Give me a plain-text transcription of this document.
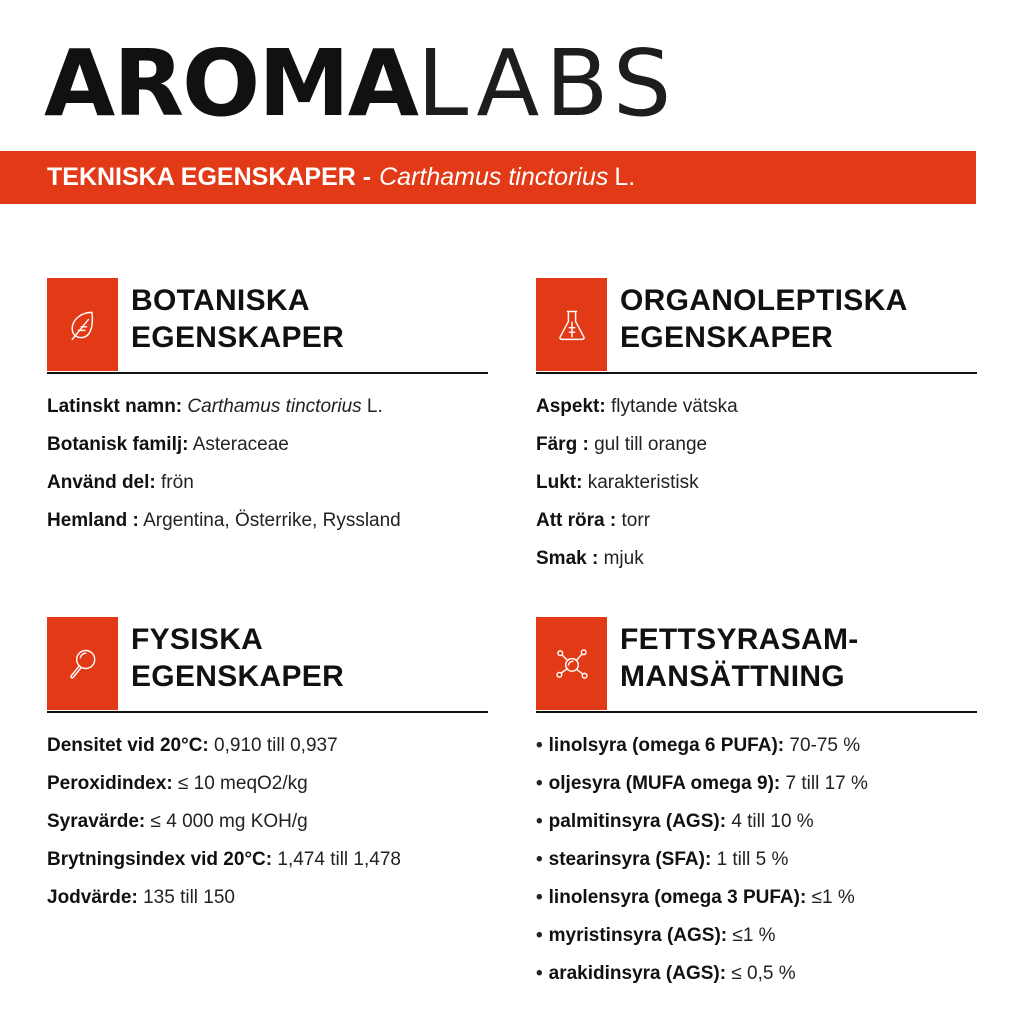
AROMA LABS
TEKNISKA EGENSKAPER - Carthamus tinctorius L.
BOTANISKA
EGENSKAPER
Latinskt namn: Carthamus tinctorius L.
Botanisk familj: Asteraceae
Använd del: frön
Hemland : Argentina, Österrike, Ryssland
ORGANOLEPTISKA
EGENSKAPER
Aspekt: flytande vätska
Färg : gul till orange
Lukt: karakteristisk
Att röra : torr
Smak : mjuk
FYSISKA
EGENSKAPER
Densitet vid 20°C: 0,910 till 0,937
Peroxidindex: ≤ 10 meqO2/kg
Syravärde: ≤ 4 000 mg KOH/g
Brytningsindex vid 20°C: 1,474 till 1,478
Jodvärde: 135 till 150
FETTSYRASAM-
MANSÄTTNING
• linolsyra (omega 6 PUFA): 70-75 %
• oljesyra (MUFA omega 9): 7 till 17 %
• palmitinsyra (AGS): 4 till 10 %
• stearinsyra (SFA): 1 till 5 %
• linolensyra (omega 3 PUFA): ≤1 %
• myristinsyra (AGS): ≤1 %
• arakidinsyra (AGS): ≤ 0,5 %
